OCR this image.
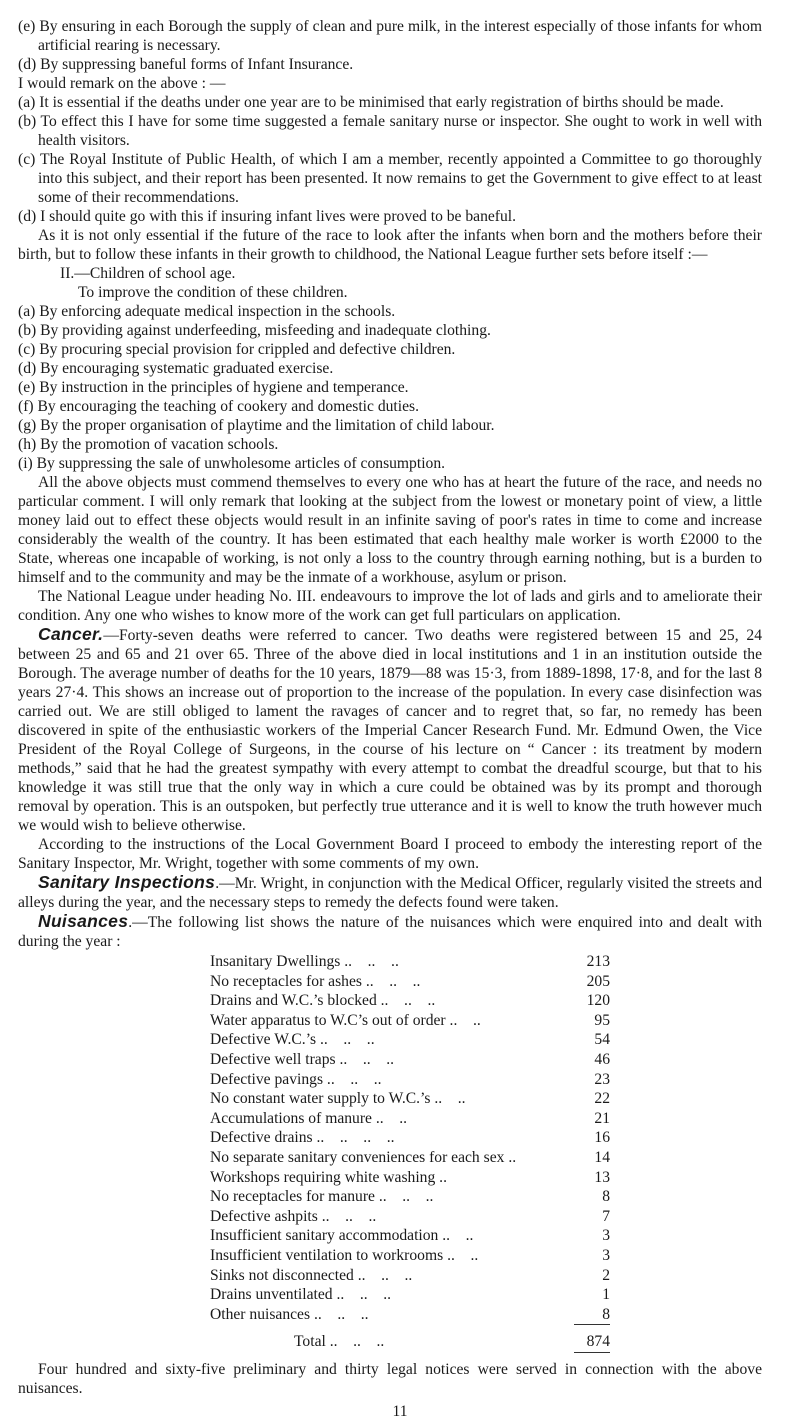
(e) By ensuring in each Borough the supply of clean and pure milk, in the interest especially of those infants for whom artificial rearing is necessary.

(d) By suppressing baneful forms of Infant Insurance.

I would remark on the above : —

(a) It is essential if the deaths under one year are to be minimised that early registration of births should be made.

(b) To effect this I have for some time suggested a female sanitary nurse or inspector. She ought to work in well with health visitors.

(c) The Royal Institute of Public Health, of which I am a member, recently appointed a Committee to go thoroughly into this subject, and their report has been presented. It now remains to get the Government to give effect to at least some of their recommendations.

(d) I should quite go with this if insuring infant lives were proved to be baneful.

As it is not only essential if the future of the race to look after the infants when born and the mothers before their birth, but to follow these infants in their growth to childhood, the National League further sets before itself :—

II.—Children of school age.

To improve the condition of these children.

(a) By enforcing adequate medical inspection in the schools.

(b) By providing against underfeeding, misfeeding and inadequate clothing.

(c) By procuring special provision for crippled and defective children.

(d) By encouraging systematic graduated exercise.

(e) By instruction in the principles of hygiene and temperance.

(f) By encouraging the teaching of cookery and domestic duties.

(g) By the proper organisation of playtime and the limitation of child labour.

(h) By the promotion of vacation schools.

(i) By suppressing the sale of unwholesome articles of consumption.

All the above objects must commend themselves to every one who has at heart the future of the race, and needs no particular comment. I will only remark that looking at the subject from the lowest or monetary point of view, a little money laid out to effect these objects would result in an infinite saving of poor's rates in time to come and increase considerably the wealth of the country. It has been estimated that each healthy male worker is worth £2000 to the State, whereas one incapable of working, is not only a loss to the country through earning nothing, but is a burden to himself and to the community and may be the inmate of a workhouse, asylum or prison.

The National League under heading No. III. endeavours to improve the lot of lads and girls and to ameliorate their condition. Any one who wishes to know more of the work can get full particulars on application.

Cancer.—Forty-seven deaths were referred to cancer. Two deaths were registered between 15 and 25, 24 between 25 and 65 and 21 over 65. Three of the above died in local institutions and 1 in an institution outside the Borough. The average number of deaths for the 10 years, 1879—88 was 15·3, from 1889-1898, 17·8, and for the last 8 years 27·4. This shows an increase out of proportion to the increase of the population. In every case disinfection was carried out. We are still obliged to lament the ravages of cancer and to regret that, so far, no remedy has been discovered in spite of the enthusiastic workers of the Imperial Cancer Research Fund. Mr. Edmund Owen, the Vice President of the Royal College of Surgeons, in the course of his lecture on “ Cancer : its treatment by modern methods,” said that he had the greatest sympathy with every attempt to combat the dreadful scourge, but that to his knowledge it was still true that the only way in which a cure could be obtained was by its prompt and thorough removal by operation. This is an outspoken, but perfectly true utterance and it is well to know the truth however much we would wish to believe otherwise.

According to the instructions of the Local Government Board I proceed to embody the interesting report of the Sanitary Inspector, Mr. Wright, together with some comments of my own.

Sanitary Inspections.—Mr. Wright, in conjunction with the Medical Officer, regularly visited the streets and alleys during the year, and the necessary steps to remedy the defects found were taken.

Nuisances.—The following list shows the nature of the nuisances which were enquired into and dealt with during the year :

Insanitary Dwellings ..    ..    ..	213
No receptacles for ashes ..    ..    ..	205
Drains and W.C.’s blocked ..    ..    ..	120
Water apparatus to W.C’s out of order ..    ..	95
Defective W.C.’s ..    ..    ..	54
Defective well traps ..    ..    ..	46
Defective pavings ..    ..    ..	23
No constant water supply to W.C.’s ..    ..	22
Accumulations of manure ..    ..	21
Defective drains ..    ..    ..    ..	16
No separate sanitary conveniences for each sex ..	14
Workshops requiring white washing ..	13
No receptacles for manure ..    ..    ..	8
Defective ashpits ..    ..    ..	7
Insufficient sanitary accommodation ..    ..	3
Insufficient ventilation to workrooms ..    ..	3
Sinks not disconnected ..    ..    ..	2
Drains unventilated ..    ..    ..	1
Other nuisances ..    ..    ..	8
Total ..    ..    ..	874

Four hundred and sixty-five preliminary and thirty legal notices were served in connection with the above nuisances.

11
